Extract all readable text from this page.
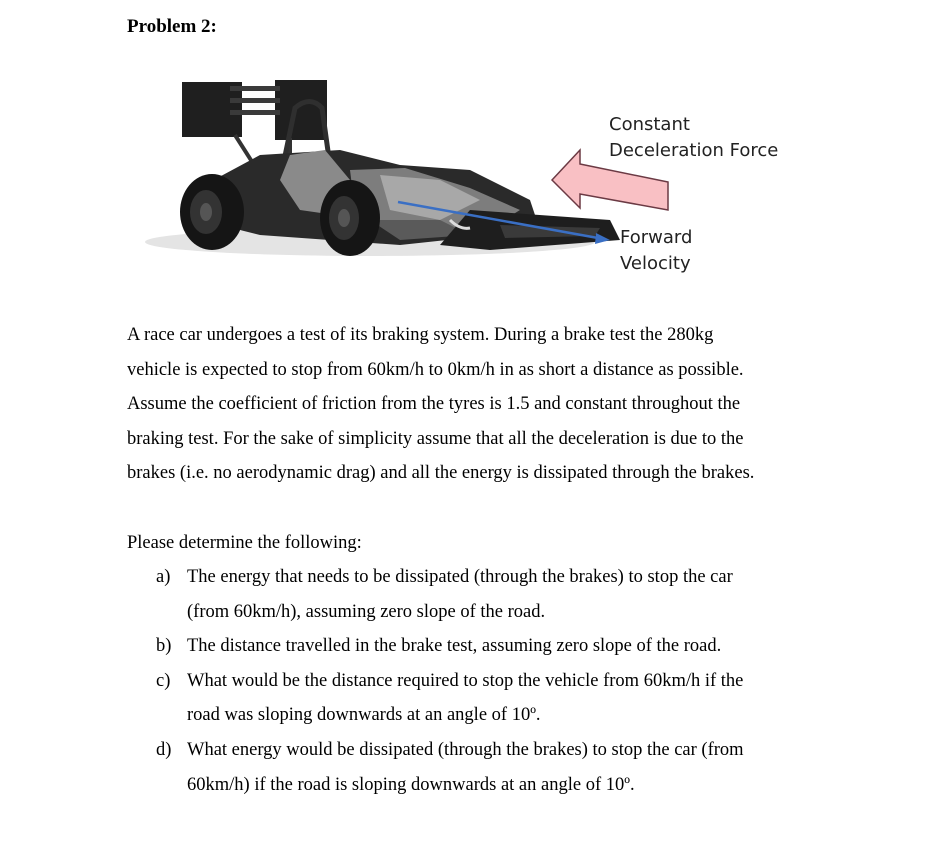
Problem 2:
Constant
Deceleration Force
Forward
Velocity

A race car undergoes a test of its braking system. During a brake test the 280kg

vehicle is expected to stop from 60km/h to 0km/h in as short a distance as possible.

Assume the coefficient of friction from the tyres is 1.5 and constant throughout the

braking test. For the sake of simplicity assume that all the deceleration is due to the

brakes (i.e. no aerodynamic drag) and all the energy is dissipated through the brakes.

Please determine the following:
a) The energy that needs to be dissipated (through the brakes) to stop the car
(from 60km/h), assuming zero slope of the road.
b) The distance travelled in the brake test, assuming zero slope of the road.
c) What would be the distance required to stop the vehicle from 60km/h if the
road was sloping downwards at an angle of 10º.
d) What energy would be dissipated (through the brakes) to stop the car (from
60km/h) if the road is sloping downwards at an angle of 10º.
